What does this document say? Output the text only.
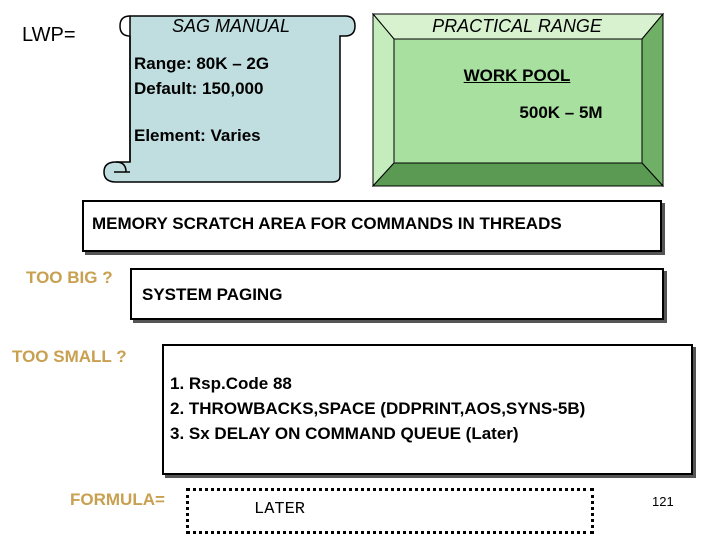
LWP=	SAG MANUAL
Range: 80K – 2G
Default: 150,000
Element: Varies
PRACTICAL RANGE
WORK POOL
500K – 5M
MEMORY SCRATCH AREA FOR COMMANDS IN THREADS
TOO BIG ?
SYSTEM PAGING
TOO SMALL ?
1. Rsp.Code 88
2. THROWBACKS,SPACE (DDPRINT,AOS,SYNS-5B)
3. Sx DELAY ON COMMAND QUEUE (Later)
FORMULA=
LATER	121
